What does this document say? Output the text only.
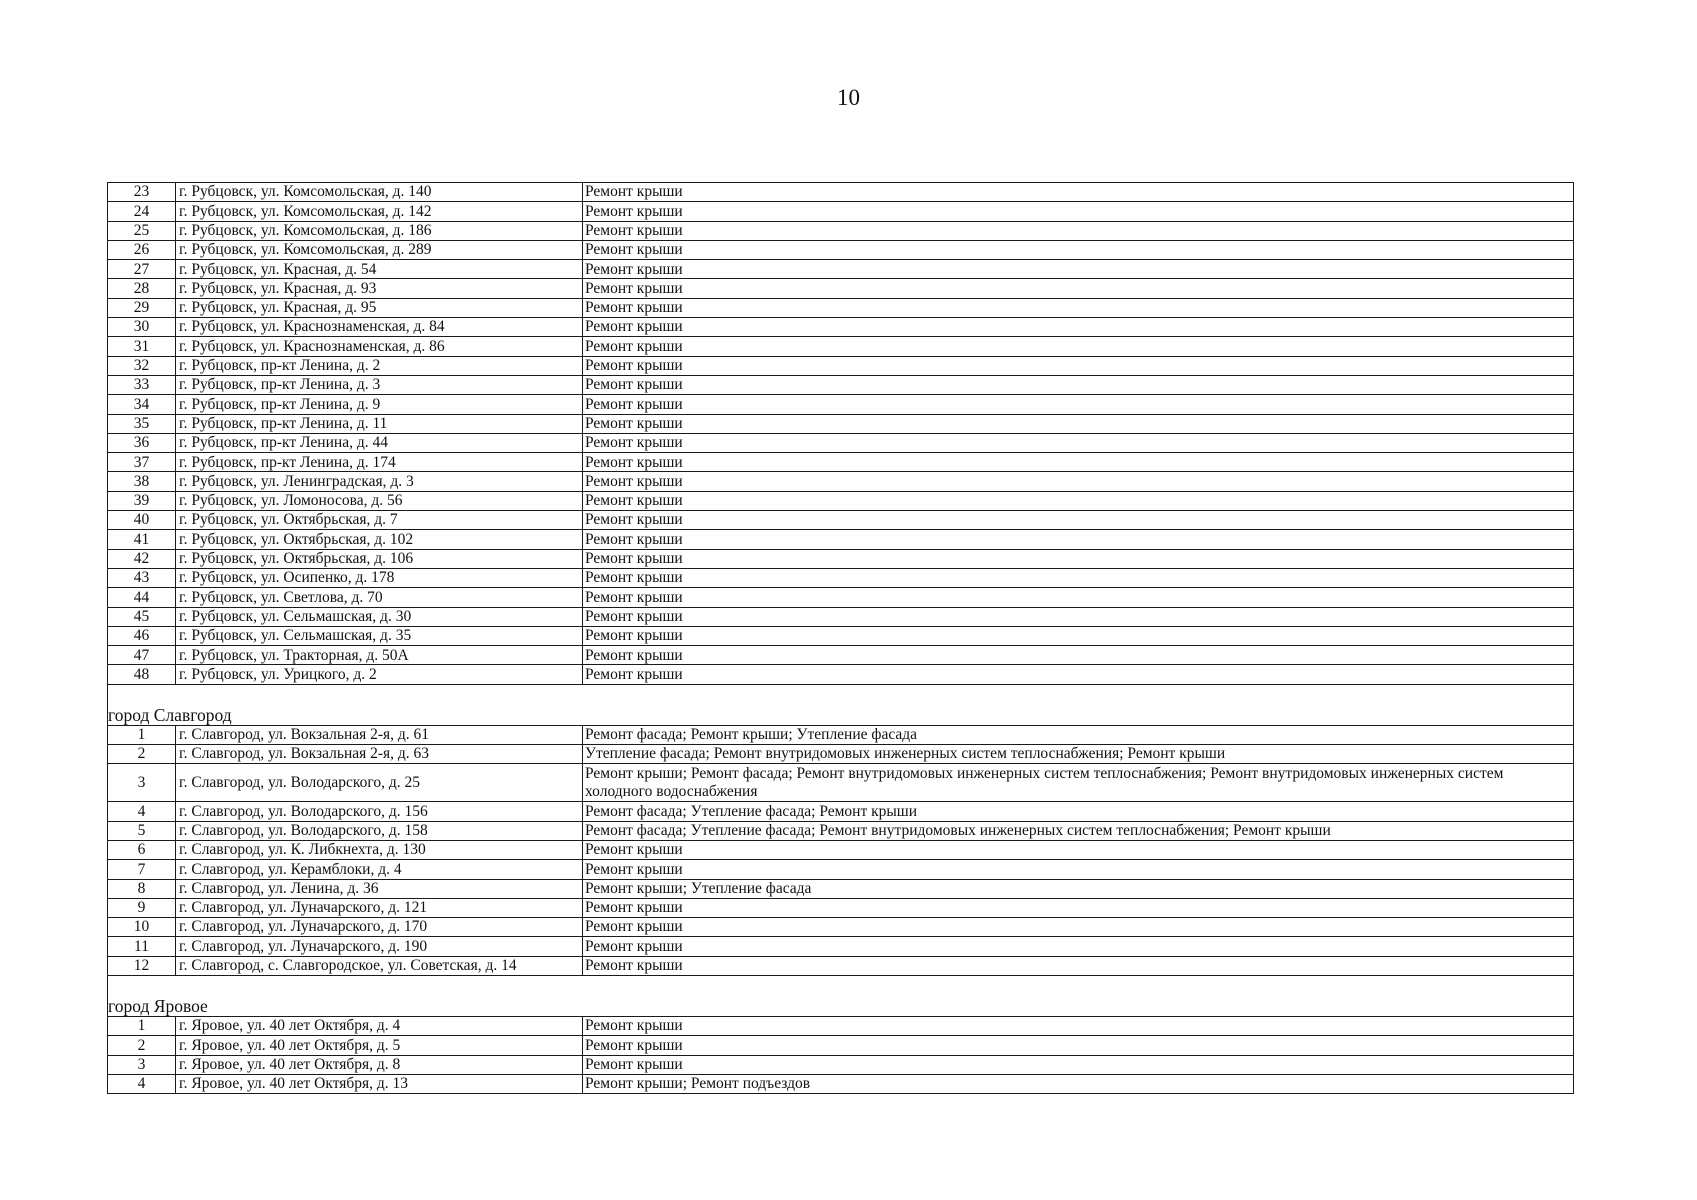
10
23	г. Рубцовск, ул. Комсомольская, д. 140	Ремонт крыши
24	г. Рубцовск, ул. Комсомольская, д. 142	Ремонт крыши
25	г. Рубцовск, ул. Комсомольская, д. 186	Ремонт крыши
26	г. Рубцовск, ул. Комсомольская, д. 289	Ремонт крыши
27	г. Рубцовск, ул. Красная, д. 54	Ремонт крыши
28	г. Рубцовск, ул. Красная, д. 93	Ремонт крыши
29	г. Рубцовск, ул. Красная, д. 95	Ремонт крыши
30	г. Рубцовск, ул. Краснознаменская, д. 84	Ремонт крыши
31	г. Рубцовск, ул. Краснознаменская, д. 86	Ремонт крыши
32	г. Рубцовск, пр-кт Ленина, д. 2	Ремонт крыши
33	г. Рубцовск, пр-кт Ленина, д. 3	Ремонт крыши
34	г. Рубцовск, пр-кт Ленина, д. 9	Ремонт крыши
35	г. Рубцовск, пр-кт Ленина, д. 11	Ремонт крыши
36	г. Рубцовск, пр-кт Ленина, д. 44	Ремонт крыши
37	г. Рубцовск, пр-кт Ленина, д. 174	Ремонт крыши
38	г. Рубцовск, ул. Ленинградская, д. 3	Ремонт крыши
39	г. Рубцовск, ул. Ломоносова, д. 56	Ремонт крыши
40	г. Рубцовск, ул. Октябрьская, д. 7	Ремонт крыши
41	г. Рубцовск, ул. Октябрьская, д. 102	Ремонт крыши
42	г. Рубцовск, ул. Октябрьская, д. 106	Ремонт крыши
43	г. Рубцовск, ул. Осипенко, д. 178	Ремонт крыши
44	г. Рубцовск, ул. Светлова, д. 70	Ремонт крыши
45	г. Рубцовск, ул. Сельмашская, д. 30	Ремонт крыши
46	г. Рубцовск, ул. Сельмашская, д. 35	Ремонт крыши
47	г. Рубцовск, ул. Тракторная, д. 50А	Ремонт крыши
48	г. Рубцовск, ул. Урицкого, д. 2	Ремонт крыши
город Славгород		
1	г. Славгород, ул. Вокзальная 2-я, д. 61	Ремонт фасада; Ремонт крыши; Утепление фасада
2	г. Славгород, ул. Вокзальная 2-я, д. 63	Утепление фасада; Ремонт внутридомовых инженерных систем теплоснабжения; Ремонт крыши
3	г. Славгород, ул. Володарского, д. 25	Ремонт крыши; Ремонт фасада; Ремонт внутридомовых инженерных систем теплоснабжения; Ремонт внутридомовых инженерных систем холодного водоснабжения
4	г. Славгород, ул. Володарского, д. 156	Ремонт фасада; Утепление фасада; Ремонт крыши
5	г. Славгород, ул. Володарского, д. 158	Ремонт фасада; Утепление фасада; Ремонт внутридомовых инженерных систем теплоснабжения; Ремонт крыши
6	г. Славгород, ул. К. Либкнехта, д. 130	Ремонт крыши
7	г. Славгород, ул. Керамблоки, д. 4	Ремонт крыши
8	г. Славгород, ул. Ленина, д. 36	Ремонт крыши; Утепление фасада
9	г. Славгород, ул. Луначарского, д. 121	Ремонт крыши
10	г. Славгород, ул. Луначарского, д. 170	Ремонт крыши
11	г. Славгород, ул. Луначарского, д. 190	Ремонт крыши
12	г. Славгород, с. Славгородское, ул. Советская, д. 14	Ремонт крыши
город Яровое		
1	г. Яровое, ул. 40 лет Октября, д. 4	Ремонт крыши
2	г. Яровое, ул. 40 лет Октября, д. 5	Ремонт крыши
3	г. Яровое, ул. 40 лет Октября, д. 8	Ремонт крыши
4	г. Яровое, ул. 40 лет Октября, д. 13	Ремонт крыши; Ремонт подъездов
